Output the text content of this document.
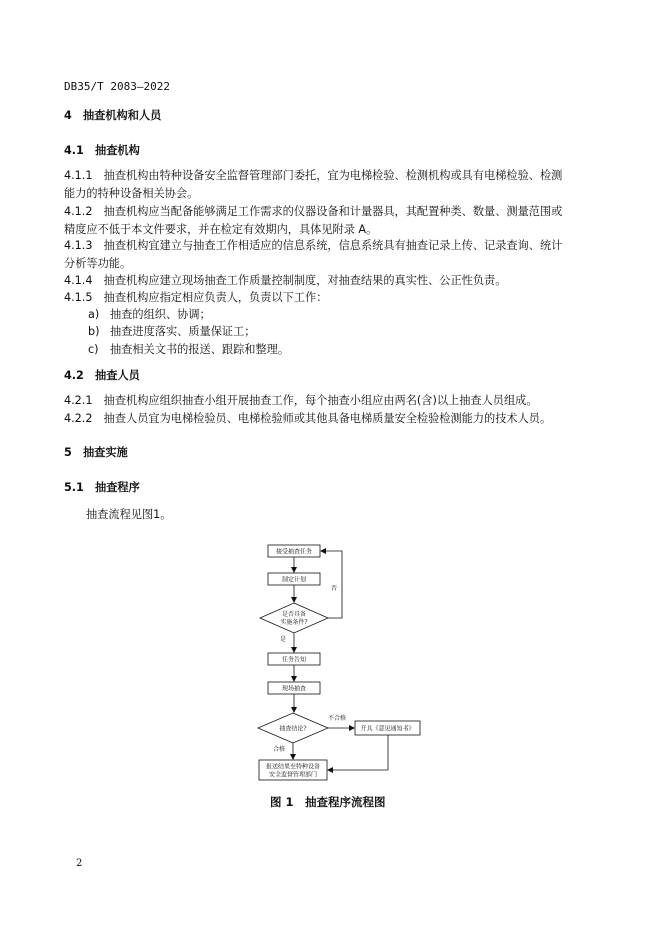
DB35/T 2083—2022
4　抽查机构和人员
4.1　抽查机构
4.1.1　抽查机构由特种设备安全监督管理部门委托，宜为电梯检验、检测机构或具有电梯检验、检测
能力的特种设备相关协会。
4.1.2　抽查机构应当配备能够满足工作需求的仪器设备和计量器具，其配置种类、数量、测量范围或
精度应不低于本文件要求，并在检定有效期内，具体见附录 A。
4.1.3　抽查机构宜建立与抽查工作相适应的信息系统，信息系统具有抽查记录上传、记录查询、统计
分析等功能。
4.1.4　抽查机构应建立现场抽查工作质量控制制度，对抽查结果的真实性、公正性负责。
4.1.5　抽查机构应指定相应负责人，负责以下工作：
a) 抽查的组织、协调；
b) 抽查进度落实、质量保证工；
c) 抽查相关文书的报送、跟踪和整理。
4.2　抽查人员
4.2.1　抽查机构应组织抽查小组开展抽查工作，每个抽查小组应由两名(含)以上抽查人员组成。
4.2.2　抽查人员宜为电梯检验员、电梯检验师或其他具备电梯质量安全检验检测能力的技术人员。
5　抽查实施
5.1　抽查程序
抽查流程见图1。
接受抽查任务
制定计划
是否具备
实施条件?
否
是
任务告知
现场抽查
抽查结论?
不合格
开具《意见通知书》
合格
报送结果至特种设备
安全监督管理部门
图 1　抽查程序流程图
2
